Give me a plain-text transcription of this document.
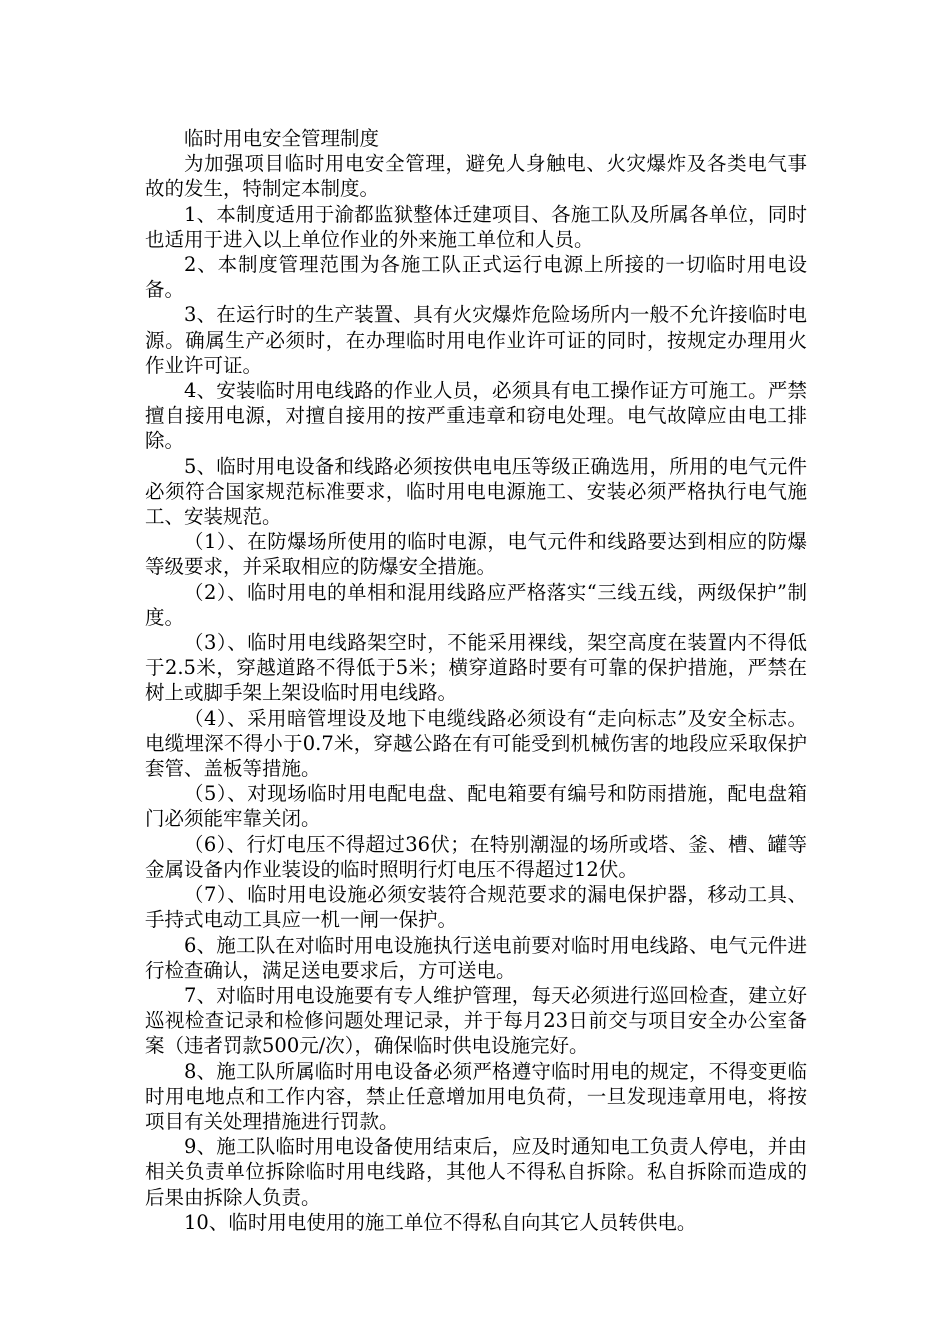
临时用电安全管理制度

为加强项目临时用电安全管理，避免人身触电、火灾爆炸及各类电气事故的发生，特制定本制度。

1、本制度适用于渝都监狱整体迁建项目、各施工队及所属各单位，同时也适用于进入以上单位作业的外来施工单位和人员。

2、本制度管理范围为各施工队正式运行电源上所接的一切临时用电设备。

3、在运行时的生产装置、具有火灾爆炸危险场所内一般不允许接临时电源。确属生产必须时，在办理临时用电作业许可证的同时，按规定办理用火作业许可证。

4、安装临时用电线路的作业人员，必须具有电工操作证方可施工。严禁擅自接用电源，对擅自接用的按严重违章和窃电处理。电气故障应由电工排除。

5、临时用电设备和线路必须按供电电压等级正确选用，所用的电气元件必须符合国家规范标准要求，临时用电电源施工、安装必须严格执行电气施工、安装规范。

（1）、在防爆场所使用的临时电源，电气元件和线路要达到相应的防爆等级要求，并采取相应的防爆安全措施。

（2）、临时用电的单相和混用线路应严格落实“三线五线，两级保护”制度。

（3）、临时用电线路架空时，不能采用裸线，架空高度在装置内不得低于2.5米，穿越道路不得低于5米；横穿道路时要有可靠的保护措施，严禁在树上或脚手架上架设临时用电线路。

（4）、采用暗管埋设及地下电缆线路必须设有“走向标志”及安全标志。电缆埋深不得小于0.7米，穿越公路在有可能受到机械伤害的地段应采取保护套管、盖板等措施。

（5）、对现场临时用电配电盘、配电箱要有编号和防雨措施，配电盘箱门必须能牢靠关闭。

（6）、行灯电压不得超过36伏；在特别潮湿的场所或塔、釜、槽、罐等金属设备内作业装设的临时照明行灯电压不得超过12伏。

（7）、临时用电设施必须安装符合规范要求的漏电保护器，移动工具、手持式电动工具应一机一闸一保护。

6、施工队在对临时用电设施执行送电前要对临时用电线路、电气元件进行检查确认，满足送电要求后，方可送电。

7、对临时用电设施要有专人维护管理，每天必须进行巡回检查，建立好巡视检查记录和检修问题处理记录，并于每月23日前交与项目安全办公室备案（违者罚款500元/次），确保临时供电设施完好。

8、施工队所属临时用电设备必须严格遵守临时用电的规定，不得变更临时用电地点和工作内容，禁止任意增加用电负荷，一旦发现违章用电，将按项目有关处理措施进行罚款。

9、施工队临时用电设备使用结束后，应及时通知电工负责人停电，并由相关负责单位拆除临时用电线路，其他人不得私自拆除。私自拆除而造成的后果由拆除人负责。

10、临时用电使用的施工单位不得私自向其它人员转供电。
